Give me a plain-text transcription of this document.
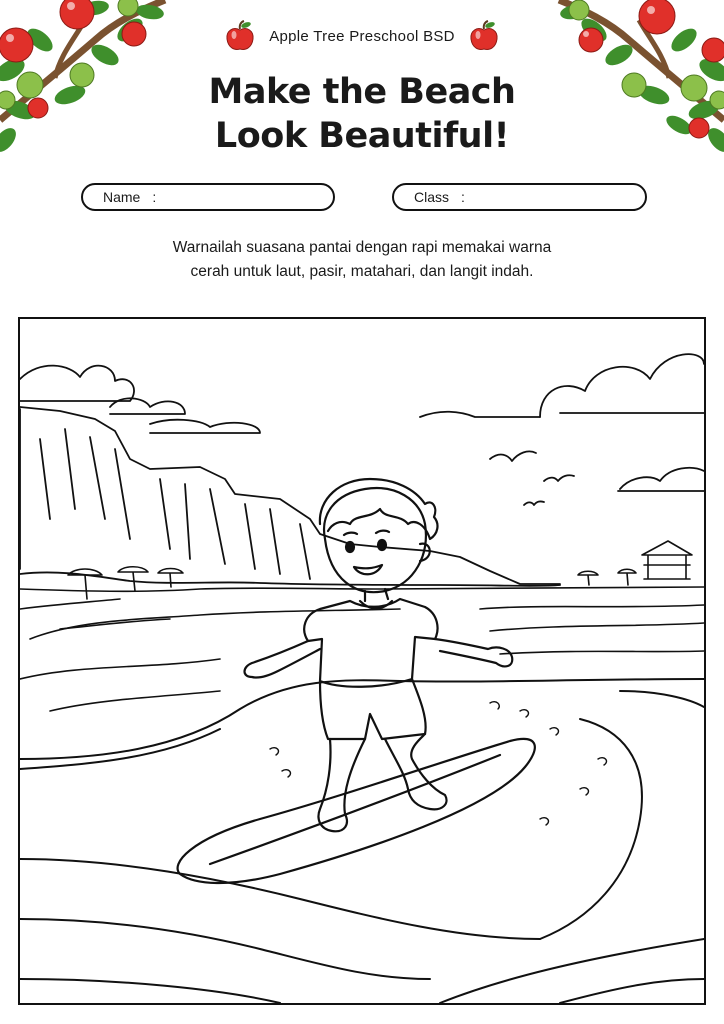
Apple Tree Preschool BSD
Make the Beach
Look Beautiful!
Name :	Class :
Warnailah suasana pantai dengan rapi memakai warna
cerah untuk laut, pasir, matahari, dan langit indah.
